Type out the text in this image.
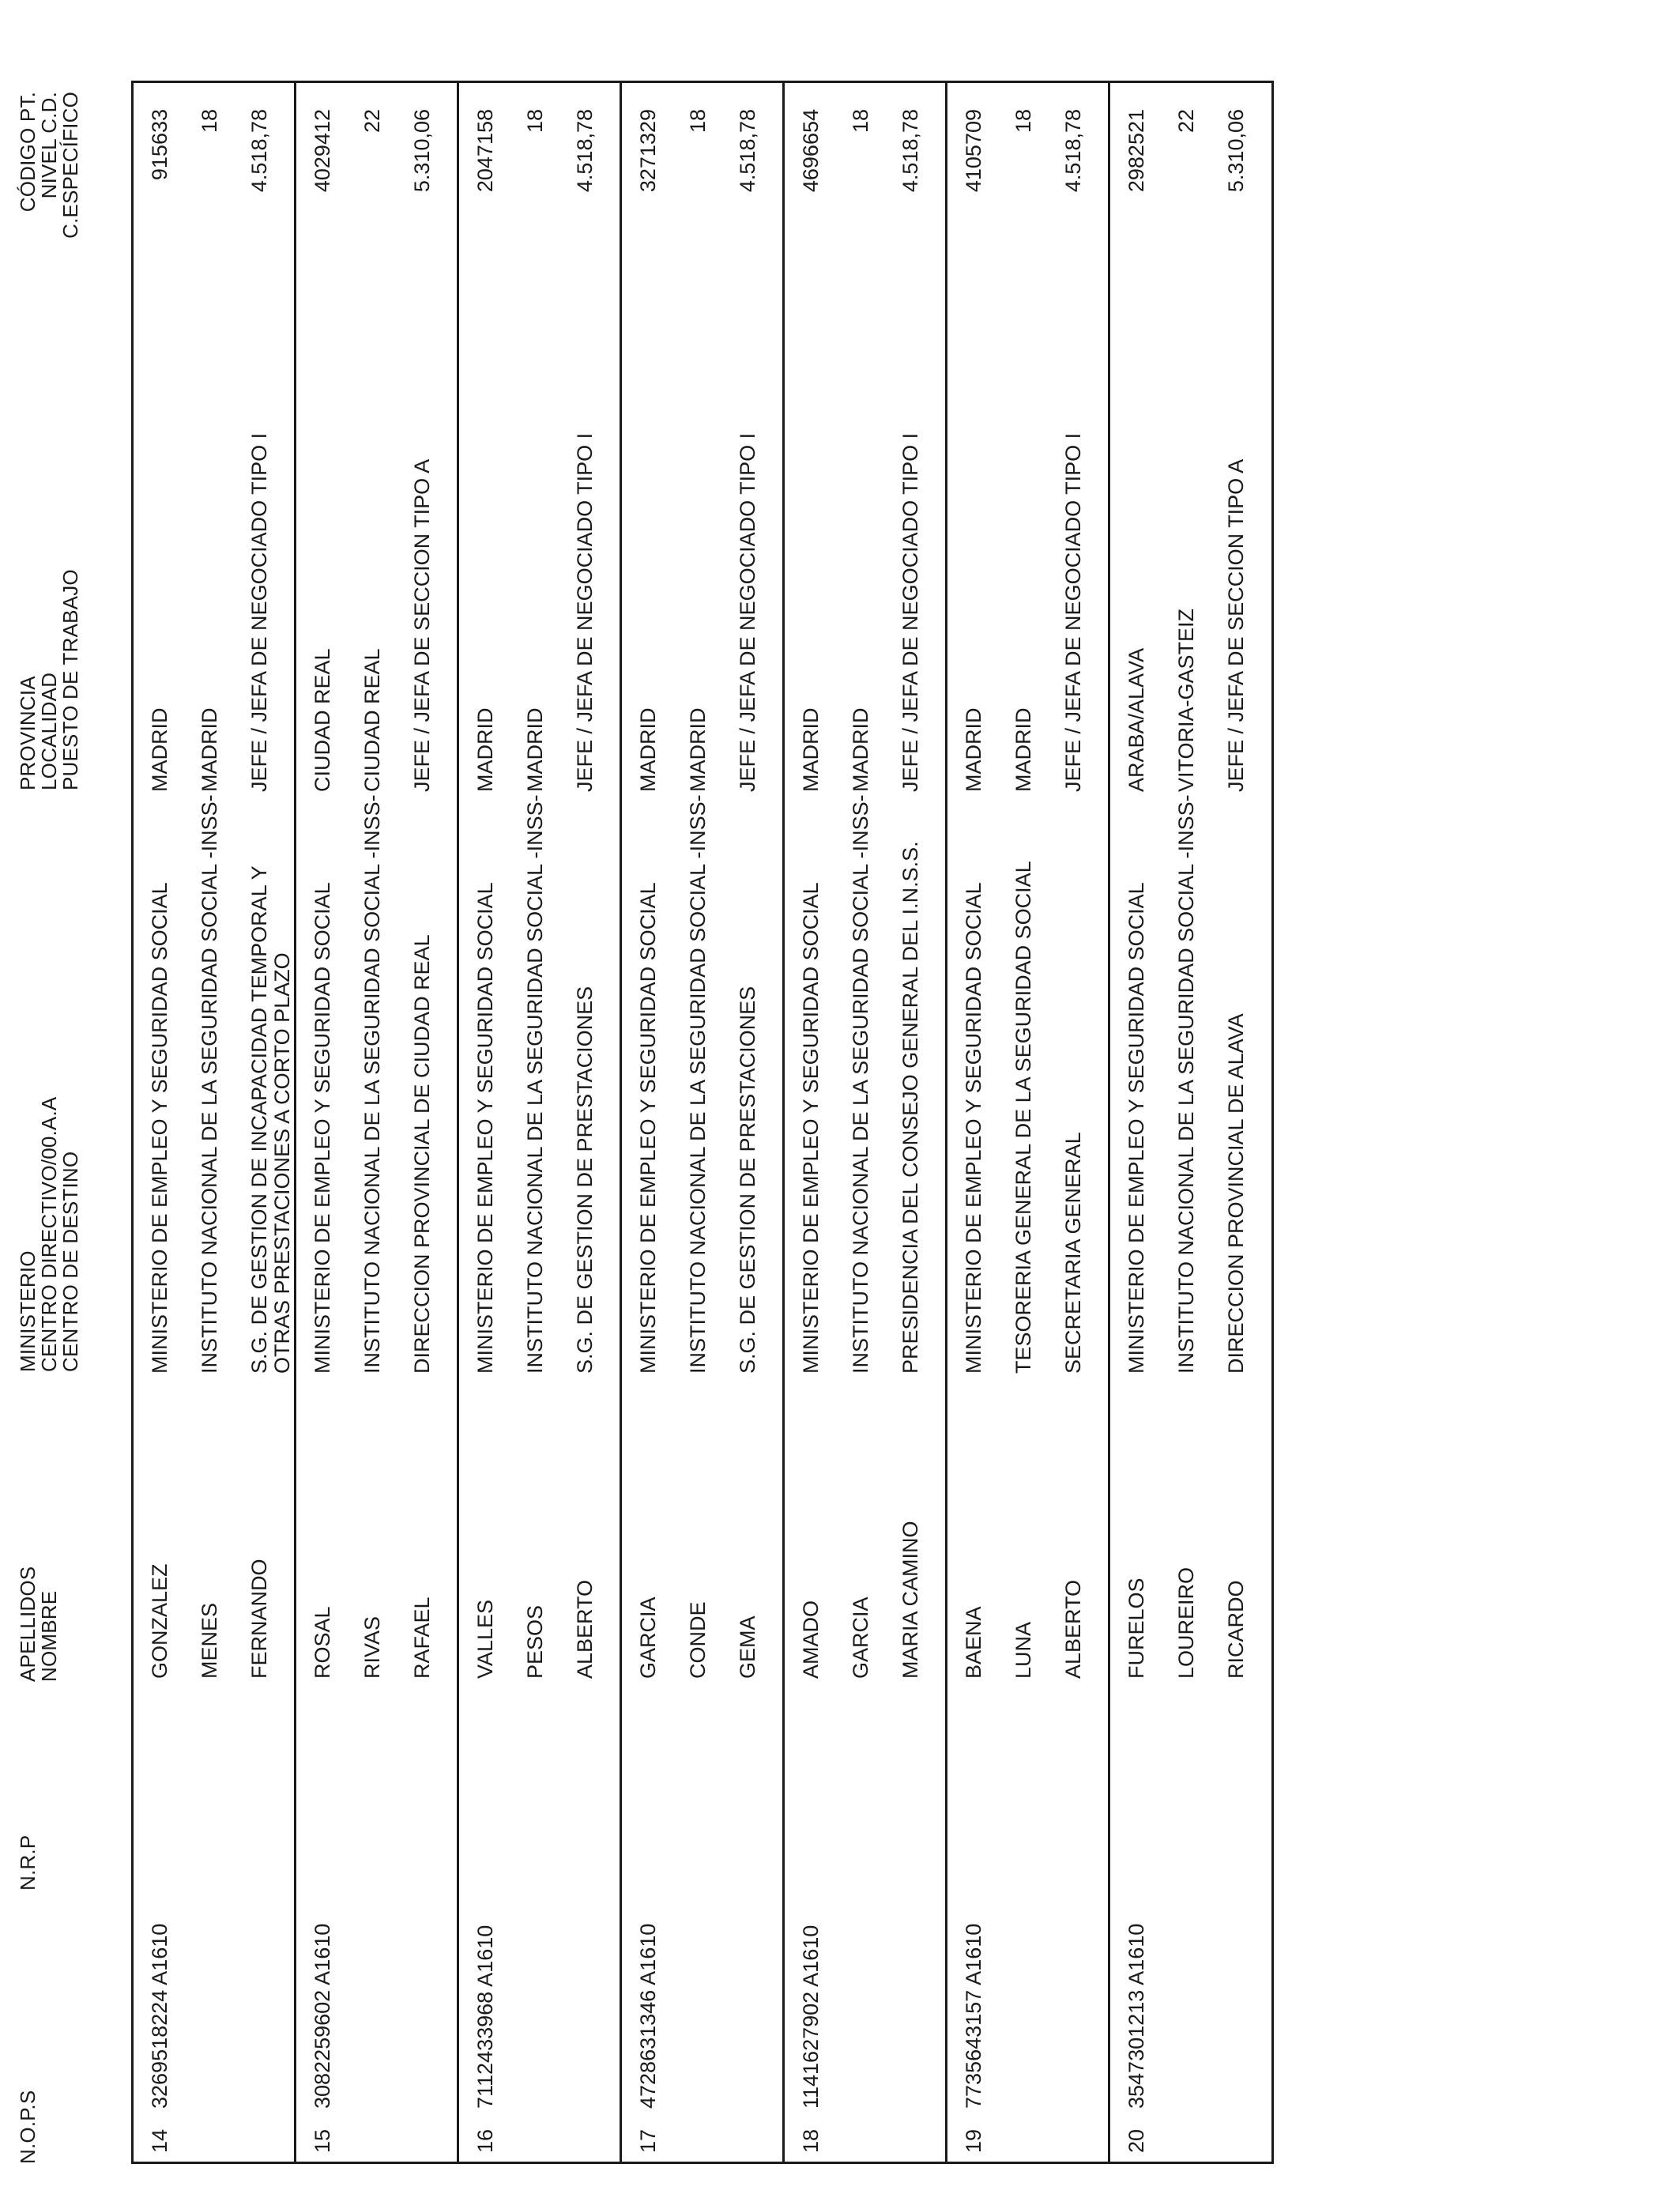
N.O.P.S
N.R.P
APELLIDOS
NOMBRE
MINISTERIO
CENTRO DIRECTIVO/00.A.A
CENTRO DE DESTINO
PROVINCIA
LOCALIDAD
PUESTO DE TRABAJO
CÓDIGO PT.
NIVEL C.D.
C.ESPECÍFICO
14
3269518224 A1610
GONZALEZ MENES FERNANDO
MINISTERIO DE EMPLEO Y SEGURIDAD SOCIAL INSTITUTO NACIONAL DE LA SEGURIDAD SOCIAL -INSS- S.G. DE GESTION DE INCAPACIDAD TEMPORAL Y OTRAS PRESTACIONES A CORTO PLAZO
MADRID MADRID JEFE / JEFA DE NEGOCIADO TIPO I
915633 18 4.518,78
15
3082259602 A1610
ROSAL RIVAS RAFAEL
MINISTERIO DE EMPLEO Y SEGURIDAD SOCIAL INSTITUTO NACIONAL DE LA SEGURIDAD SOCIAL -INSS- DIRECCION PROVINCIAL DE CIUDAD REAL
CIUDAD REAL CIUDAD REAL JEFE / JEFA DE SECCION TIPO A
4029412 22 5.310,06
16
7112433968 A1610
VALLES PESOS ALBERTO
MINISTERIO DE EMPLEO Y SEGURIDAD SOCIAL INSTITUTO NACIONAL DE LA SEGURIDAD SOCIAL -INSS- S.G. DE GESTION DE PRESTACIONES
MADRID MADRID JEFE / JEFA DE NEGOCIADO TIPO I
2047158 18 4.518,78
17
4728631346 A1610
GARCIA CONDE GEMA
MINISTERIO DE EMPLEO Y SEGURIDAD SOCIAL INSTITUTO NACIONAL DE LA SEGURIDAD SOCIAL -INSS- S.G. DE GESTION DE PRESTACIONES
MADRID MADRID JEFE / JEFA DE NEGOCIADO TIPO I
3271329 18 4.518,78
18
1141627902 A1610
AMADO GARCIA MARIA CAMINO
MINISTERIO DE EMPLEO Y SEGURIDAD SOCIAL INSTITUTO NACIONAL DE LA SEGURIDAD SOCIAL -INSS- PRESIDENCIA DEL CONSEJO GENERAL DEL I.N.S.S.
MADRID MADRID JEFE / JEFA DE NEGOCIADO TIPO I
4696654 18 4.518,78
19
7735643157 A1610
BAENA LUNA ALBERTO
MINISTERIO DE EMPLEO Y SEGURIDAD SOCIAL TESORERIA GENERAL DE LA SEGURIDAD SOCIAL SECRETARIA GENERAL
MADRID MADRID JEFE / JEFA DE NEGOCIADO TIPO I
4105709 18 4.518,78
20
3547301213 A1610
FURELOS LOUREIRO RICARDO
MINISTERIO DE EMPLEO Y SEGURIDAD SOCIAL INSTITUTO NACIONAL DE LA SEGURIDAD SOCIAL -INSS- DIRECCION PROVINCIAL DE ALAVA
ARABA/ALAVA VITORIA-GASTEIZ JEFE / JEFA DE SECCION TIPO A
2982521 22 5.310,06
